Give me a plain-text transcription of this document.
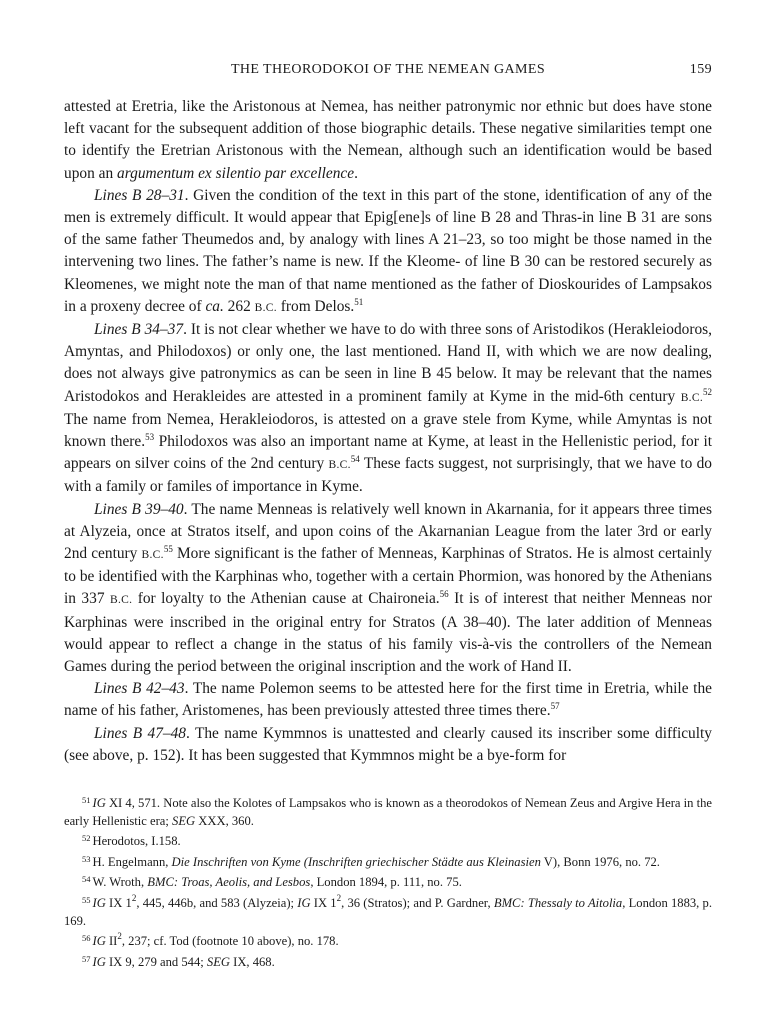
THE THEORODOKOI OF THE NEMEAN GAMES	159

attested at Eretria, like the Aristonous at Nemea, has neither patronymic nor ethnic but does have stone left vacant for the subsequent addition of those biographic details. These negative similarities tempt one to identify the Eretrian Aristonous with the Nemean, although such an identification would be based upon an argumentum ex silentio par excellence.

Lines B 28–31. Given the condition of the text in this part of the stone, identification of any of the men is extremely difficult. It would appear that Epig[ene]s of line B 28 and Thras-in line B 31 are sons of the same father Theumedos and, by analogy with lines A 21–23, so too might be those named in the intervening two lines. The father’s name is new. If the Kleome- of line B 30 can be restored securely as Kleomenes, we might note the man of that name mentioned as the father of Dioskourides of Lampsakos in a proxeny decree of ca. 262 B.C. from Delos.$^{51}$

Lines B 34–37. It is not clear whether we have to do with three sons of Aristodikos (Herakleiodoros, Amyntas, and Philodoxos) or only one, the last mentioned. Hand II, with which we are now dealing, does not always give patronymics as can be seen in line B 45 below. It may be relevant that the names Aristodokos and Herakleides are attested in a prominent family at Kyme in the mid-6th century B.C.$^{52}$ The name from Nemea, Herakleiodoros, is attested on a grave stele from Kyme, while Amyntas is not known there.$^{53}$ Philodoxos was also an important name at Kyme, at least in the Hellenistic period, for it appears on silver coins of the 2nd century B.C.$^{54}$ These facts suggest, not surprisingly, that we have to do with a family or familes of importance in Kyme.

Lines B 39–40. The name Menneas is relatively well known in Akarnania, for it appears three times at Alyzeia, once at Stratos itself, and upon coins of the Akarnanian League from the later 3rd or early 2nd century B.C.$^{55}$ More significant is the father of Menneas, Karphinas of Stratos. He is almost certainly to be identified with the Karphinas who, together with a certain Phormion, was honored by the Athenians in 337 B.C. for loyalty to the Athenian cause at Chaironeia.$^{56}$ It is of interest that neither Menneas nor Karphinas were inscribed in the original entry for Stratos (A 38–40). The later addition of Menneas would appear to reflect a change in the status of his family vis-à-vis the controllers of the Nemean Games during the period between the original inscription and the work of Hand II.

Lines B 42–43. The name Polemon seems to be attested here for the first time in Eretria, while the name of his father, Aristomenes, has been previously attested three times there.$^{57}$

Lines B 47–48. The name Kymmnos is unattested and clearly caused its inscriber some difficulty (see above, p. 152). It has been suggested that Kymmnos might be a bye-form for

$^{51}$ IG XI 4, 571. Note also the Kolotes of Lampsakos who is known as a theorodokos of Nemean Zeus and Argive Hera in the early Hellenistic era; SEG XXX, 360.

$^{52}$ Herodotos, I.158.

$^{53}$ H. Engelmann, Die Inschriften von Kyme (Inschriften griechischer Städte aus Kleinasien V), Bonn 1976, no. 72.

$^{54}$ W. Wroth, BMC: Troas, Aeolis, and Lesbos, London 1894, p. 111, no. 75.

$^{55}$ IG IX $1^2$, 445, 446b, and 583 (Alyzeia); IG IX $1^2$, 36 (Stratos); and P. Gardner, BMC: Thessaly to Aitolia, London 1883, p. 169.

$^{56}$ IG $II^2$, 237; cf. Tod (footnote 10 above), no. 178.

$^{57}$ IG IX 9, 279 and 544; SEG IX, 468.
